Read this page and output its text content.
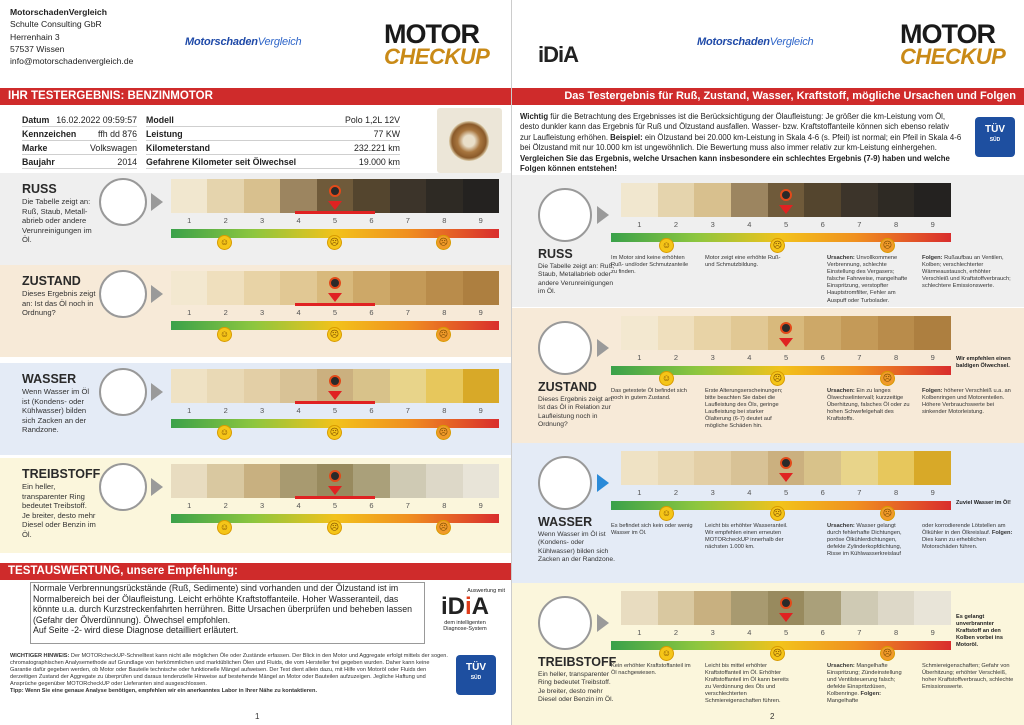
MotorschadenVergleich
Schulte Consulting GbR
Herrenhain 3
57537 Wissen
info@motorschadenvergleich.de
MotorschadenVergleich	MOTOR
CHECKUP
IHR TESTERGEBNIS: BENZINMOTOR
Datum 16.02.2022 09:59:57
Kennzeichen ffh dd 876
Marke	Volkswagen
Baujahr	2014
Modell	Polo 1,2L 12V
Leistung	77 KW
Kilometerstand	232.221 km
Gefahrene Kilometer seit Ölwechsel	19.000 km
TESTAUSWERTUNG, unsere Empfehlung:
Normale Verbrennungsrückstände (Ruß, Sedimente) sind vorhanden und der Ölzustand ist im Normalbereich bei der Ölaufleistung. Leicht erhöhte Kraftstoffanteile. Hoher Wasseranteil, das könnte u.a. durch Kurzstreckenfahrten herrühren. Bitte Ursachen überprüfen und beheben lassen (Gefahr der Ölverdünnung). Ölwechsel empfohlen.
Auf Seite -2- wird diese Diagnose detailliert erläutert.
Auswertung mit
iDiA
dem intelligenten
Diagnose-System
WICHTIGER HINWEIS: Der MOTORcheckUP-Schnelltest kann nicht alle möglichen Öle oder Zustände erfassen. Der Blick in den Motor und Aggregate erfolgt mittels der sogen. chromatographischen Analysemethode auf Grundlage von herkömmlichen und marktüblichen Ölen und Fluids, die vom Hersteller frei gegeben wurden. Daher kann keine Garantie dafür gegeben werden, ob Motor oder Bauteile technische oder funktionelle Mängel aufweisen. Der Test dient allein dazu, mit Hilfe von Motoröl oder Fluids den derzeitigen Zustand der Aggregate zu überprüfen und daraus tendenzielle Hinweise auf bestehende Mängel an Motor oder Bauteilen aufzuzeigen. Jegliche Haftung und Ansprüche gegenüber MOTORcheckUP oder Lieferanten sind ausgeschlossen.
Tipp: Wenn Sie eine genaue Analyse benötigen, empfehlen wir ein anerkanntes Labor in Ihrer Nähe zu kontaktieren.
TÜV
SÜD
1
RUSS
Die Tabelle zeigt an: Ruß, Staub, Metall-abrieb oder andere Verunreinigungen im Öl.
1	2	3	4	5	6	7	8	9
☺	☹	☹
ZUSTAND
Dieses Ergebnis zeigt an: Ist das Öl noch in Ordnung?	1	2	3	4	5	6	7	8	9
☺	☹	☹
WASSER
Wenn Wasser im Öl ist (Kondens- oder Kühlwasser) bilden sich Zacken an der Randzone.
1	2	3	4	5	6	7	8	9
☺	☹	☹
TREIBSTOFF
Ein heller, transparenter Ring bedeutet Treibstoff. Je breiter, desto mehr Diesel oder Benzin im Öl.
1	2	3	4	5	6	7	8	9
☺	☹	☹
iDiA	MotorschadenVergleich	MOTOR
CHECKUP
Das Testergebnis für Ruß, Zustand, Wasser, Kraftstoff, mögliche Ursachen und Folgen
Wichtig für die Betrachtung des Ergebnisses ist die Berücksichtigung der Ölaufleistung: Je größer die km-Leistung vom Öl, desto dunkler kann das Ergebnis für Ruß und Ölzustand ausfallen. Wasser- bzw. Kraftstoffanteile können sich ebenso relativ zur Laufleistung erhöhen. Beispiel: ein Ölzustand bei 20.000 km-Leistung in Skala 4-6 (s. Pfeil) ist normal; ein Pfeil in Skala 4-6 bei Ölzustand mit nur 10.000 km ist ungewöhnlich. Die Bewertung muss also immer relativ zur km-Leistung einhergehen. Vergleichen Sie das Ergebnis, welche Ursachen kann insbesondere ein schlechtes Ergebnis (7-9) haben und welche Folgen können entstehen!
TÜV
SÜD
2
RUSS
Die Tabelle zeigt an: Ruß, Staub, Metallabrieb oder andere Verunreinigungen im Öl.
1	2	3	4	5	6	7	8	9
☺	☹	☹
Im Motor sind keine erhöhten Ruß- und/oder Schmutzanteile zu finden.
Motor zeigt eine erhöhte Ruß- und Schmutzbildung.
Ursachen: Unvollkommene Verbrennung, schlechte Einstellung des Vergasers; falsche Fahrweise, mangelhafte Einspritzung, verstopfter Hauptstromfilter, Fehler am Auspuff oder Turbolader.
Folgen: Rußaufbau an Ventilen, Kolben; verschlechterter Wärmeaustausch, erhöhter Verschleiß und Kraftstoffverbrauch; schlechtere Emissionswerte.
ZUSTAND
Dieses Ergebnis zeigt an: Ist das Öl in Relation zur Laufleistung noch in Ordnung?
1	2	3	4	5	6	7	8	9
☺	☹	☹
Das getestete Öl befindet sich noch in gutem Zustand.
Erste Alterungserscheinungen; bitte beachten Sie dabei die Laufleistung des Öls, geringe Laufleistung bei starker Ölalterung (6-7) deutet auf mögliche Schäden hin.
Ursachen: Ein zu langes Ölwechselintervall; kurzzeitige Überhitzung, falsches Öl oder zu hohen Schwefelgehalt des Kraftstoffs.
Folgen: höherer Verschleiß u.a. an Kolbenringen und Motorenteilen. Höhere Verbrauchswerte bei sinkender Motorleistung.
Wir empfehlen einen baldigen Ölwechsel.
WASSER
Wenn Wasser im Öl ist (Kondens- oder Kühlwasser) bilden sich Zacken an der Randzone.
1	2	3	4	5	6	7	8	9
☺	☹	☹
Es befindet sich kein oder wenig Wasser im Öl.
Leicht bis erhöhter Wasseranteil. Wir empfehlen einen erneuten MOTORcheckUP innerhalb der nächsten 1.000 km.
Ursachen: Wasser gelangt durch fehlerhafte Dichtungen, poröse Ölkühlerdichtungen, defekte Zylinderkopfdichtung, Risse im Kühlwasserkreislauf
oder korrodierende Lötstellen am Ölkühler in den Ölkreislauf. Folgen: Dies kann zu erheblichen Motorschäden führen.
Zuviel Wasser im Öl!
TREIBSTOFF
Ein heller, transparenter Ring bedeutet Treibstoff. Je breiter, desto mehr Diesel oder Benzin im Öl.
1	2	3	4	5	6	7	8	9
☺	☹	☹
Kein erhöhter Kraftstoffanteil im Öl nachgewiesen.
Leicht bis mittel erhöhter Kraftstoffanteil im Öl. Erhöhter Kraftstoffanteil im Öl kann bereits zu Verdünnung des Öls und verschlechterten Schmiereigenschaften führen.
Ursachen: Mangelhafte Einspritzung; Zündeinstellung und Ventilsteuerung falsch; defekte Einspritzdüsen, Kolbenringe. Folgen: Mangelhafte
Schmiereigenschaften; Gefahr von Überhitzung; erhöhter Verschleiß, hoher Kraftstoffverbrauch, schlechte Emissionswerte.
Es gelangt unverbrannter Kraftstoff an den Kolben vorbei ins Motoröl.
